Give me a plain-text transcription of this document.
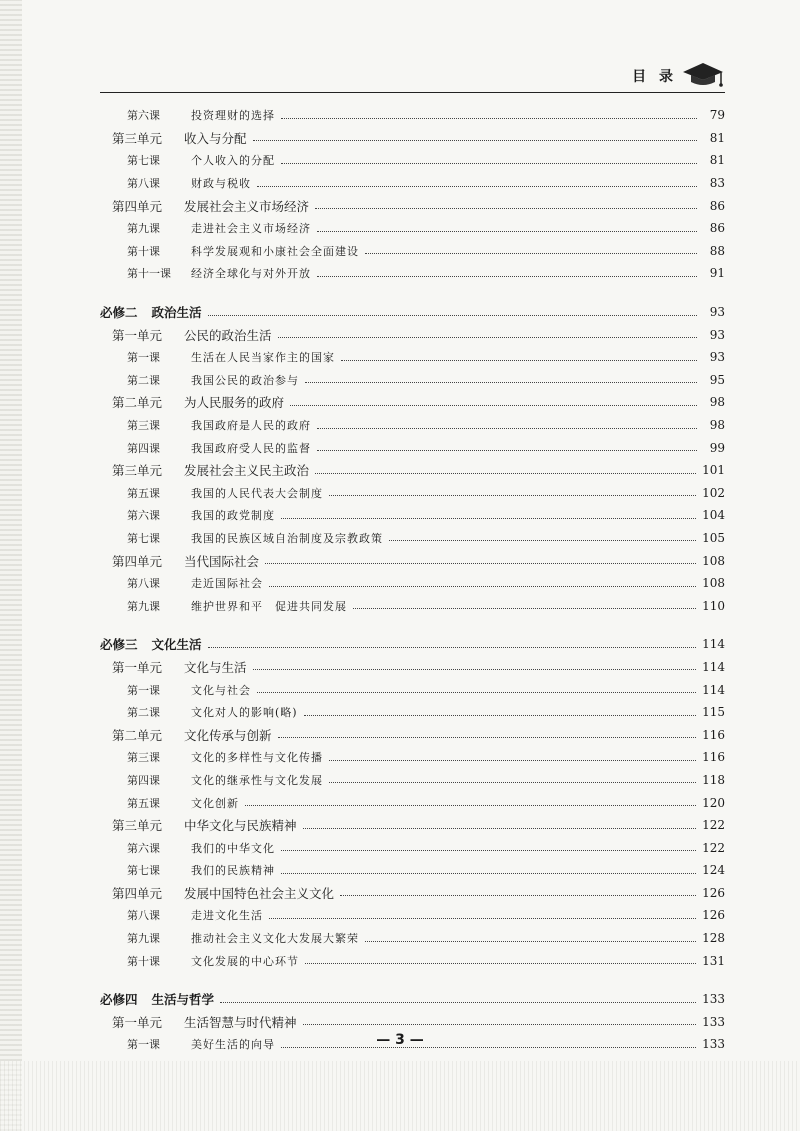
目 录
第六课	投资理财的选择	79
第三单元	收入与分配	81
第七课	个人收入的分配	81
第八课	财政与税收	83
第四单元	发展社会主义市场经济	86
第九课	走进社会主义市场经济	86
第十课	科学发展观和小康社会全面建设	88
第十一课	经济全球化与对外开放	91
必修二 政治生活	93
第一单元	公民的政治生活	93
第一课	生活在人民当家作主的国家	93
第二课	我国公民的政治参与	95
第二单元	为人民服务的政府	98
第三课	我国政府是人民的政府	98
第四课	我国政府受人民的监督	99
第三单元	发展社会主义民主政治	101
第五课	我国的人民代表大会制度	102
第六课	我国的政党制度	104
第七课	我国的民族区域自治制度及宗教政策	105
第四单元	当代国际社会	108
第八课	走近国际社会	108
第九课	维护世界和平　促进共同发展	110
必修三 文化生活	114
第一单元	文化与生活	114
第一课	文化与社会	114
第二课	文化对人的影响(略)	115
第二单元	文化传承与创新	116
第三课	文化的多样性与文化传播	116
第四课	文化的继承性与文化发展	118
第五课	文化创新	120
第三单元	中华文化与民族精神	122
第六课	我们的中华文化	122
第七课	我们的民族精神	124
第四单元	发展中国特色社会主义文化	126
第八课	走进文化生活	126
第九课	推动社会主义文化大发展大繁荣	128
第十课	文化发展的中心环节	131
必修四 生活与哲学	133
第一单元	生活智慧与时代精神	133
第一课	美好生活的向导	133
— 3 —
